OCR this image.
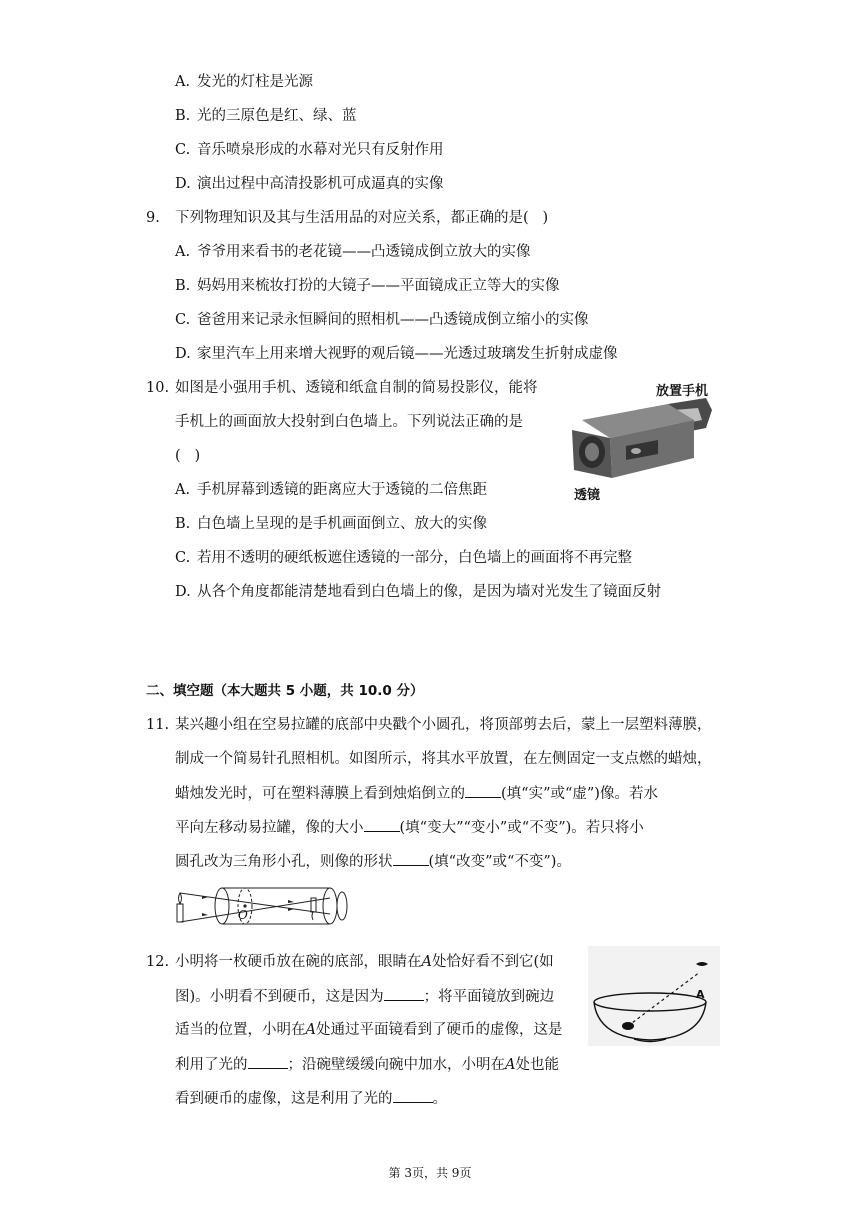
A. 发光的灯柱是光源
B. 光的三原色是红、绿、蓝
C. 音乐喷泉形成的水幕对光只有反射作用
D. 演出过程中高清投影机可成逼真的实像
9. 下列物理知识及其与生活用品的对应关系，都正确的是(   )
A. 爷爷用来看书的老花镜——凸透镜成倒立放大的实像
B. 妈妈用来梳妆打扮的大镜子——平面镜成正立等大的实像
C. 爸爸用来记录永恒瞬间的照相机——凸透镜成倒立缩小的实像
D. 家里汽车上用来增大视野的观后镜——光透过玻璃发生折射成虚像
10. 如图是小强用手机、透镜和纸盒自制的简易投影仪，能将
手机上的画面放大投射到白色墙上。下列说法正确的是
(   )
放置手机
透镜
A. 手机屏幕到透镜的距离应大于透镜的二倍焦距
B. 白色墙上呈现的是手机画面倒立、放大的实像
C. 若用不透明的硬纸板遮住透镜的一部分，白色墙上的画面将不再完整
D. 从各个角度都能清楚地看到白色墙上的像，是因为墙对光发生了镜面反射
二、填空题（本大题共 5 小题，共 10.0 分）
11. 某兴趣小组在空易拉罐的底部中央戳个小圆孔，将顶部剪去后，蒙上一层塑料薄膜，
制成一个简易针孔照相机。如图所示，将其水平放置，在左侧固定一支点燃的蜡烛，
蜡烛发光时，可在塑料薄膜上看到烛焰倒立的 (填“实”或“虚”)像。若水
平向左移动易拉罐，像的大小 (填“变大”“变小”或“不变”)。若只将小
圆孔改为三角形小孔，则像的形状 (填“改变”或“不变”)。
O
12. 小明将一枚硬币放在碗的底部，眼睛在A处恰好看不到它(如
图)。小明看不到硬币，这是因为	；将平面镜放到碗边
适当的位置，小明在A处通过平面镜看到了硬币的虚像，这是
利用了光的	；沿碗壁缓缓向碗中加水，小明在A处也能
看到硬币的虚像，这是利用了光的	。
A
第 3页，共 9页
